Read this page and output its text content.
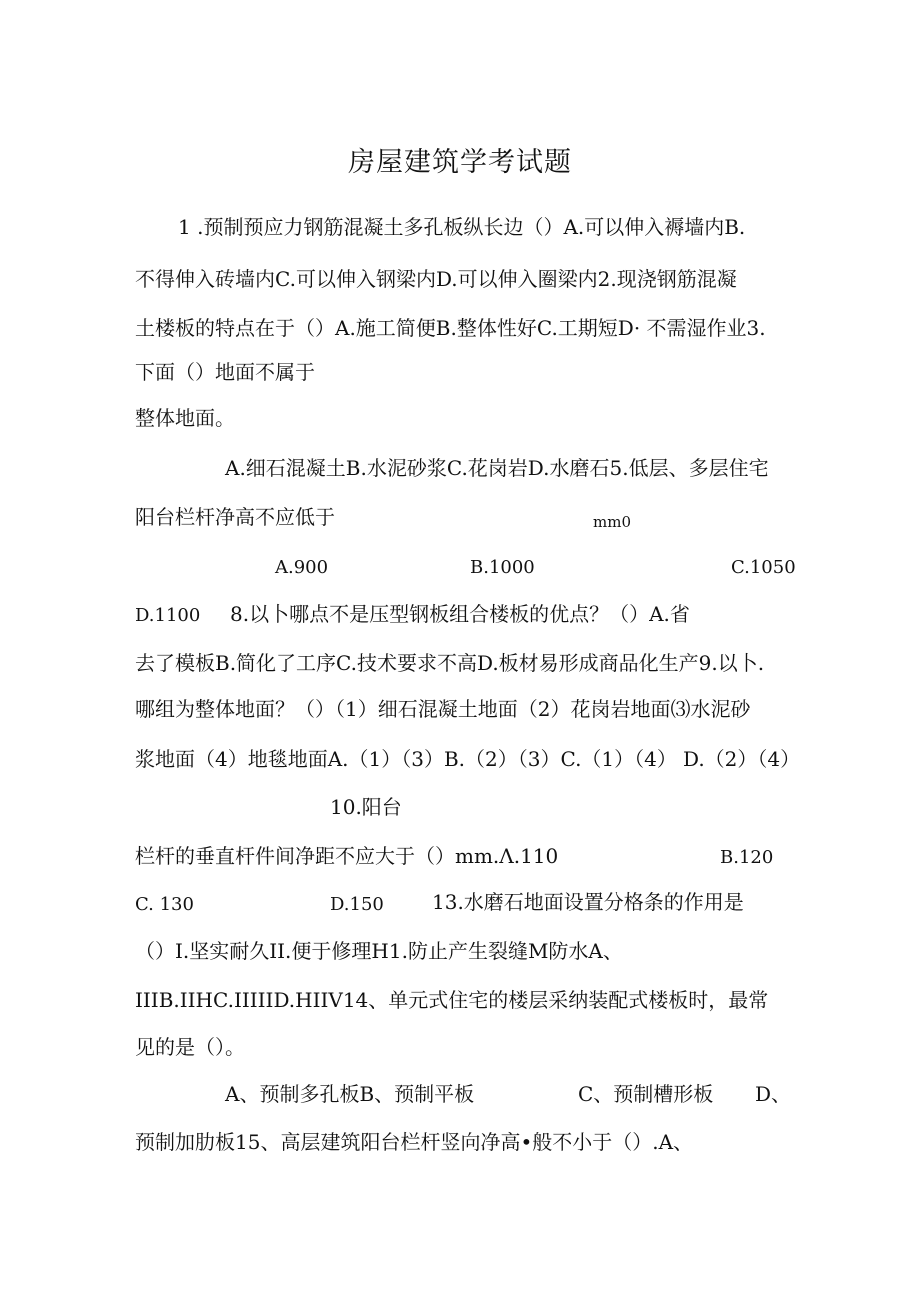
房屋建筑学考试题
1 .预制预应力钢筋混凝土多孔板纵长边（）A.可以伸入褥墙内B.
不得伸入砖墙内C.可以伸入钢梁内D.可以伸入圈梁内2.现浇钢筋混凝
土楼板的特点在于（）A.施工简便B.整体性好C.工期短D· 不需湿作业3.
下面（）地面不属于
整体地面。
A.细石混凝土B.水泥砂浆C.花岗岩D.水磨石5.低层、多层住宅
阳台栏杆净高不应低于	mm0
A.900	B.1000	C.1050
D.1100 8.以卜哪点不是压型钢板组合楼板的优点？（）A.省
去了模板B.简化了工序C.技术要求不高D.板材易形成商品化生产9.以卜.
哪组为整体地面？（）（1）细石混凝土地面（2）花岗岩地面⑶水泥砂
浆地面（4）地毯地面A.（1）（3）B.（2）（3）C.（1）（4） D.（2）（4）
10.阳台
栏杆的垂直杆件间净距不应大于（）mm.Λ.110	B.120
C. 130	D.150 13.水磨石地面设置分格条的作用是
（）I.坚实耐久II.便于修理H1.防止产生裂缝M防水A、
IIIB.IIHC.IIIIID.HIIV14、单元式住宅的楼层采纳装配式楼板时，最常
见的是（）。
A、预制多孔板B、预制平板	C、预制槽形板 D、
预制加肋板15、高层建筑阳台栏杆竖向净高•般不小于（）.A、
